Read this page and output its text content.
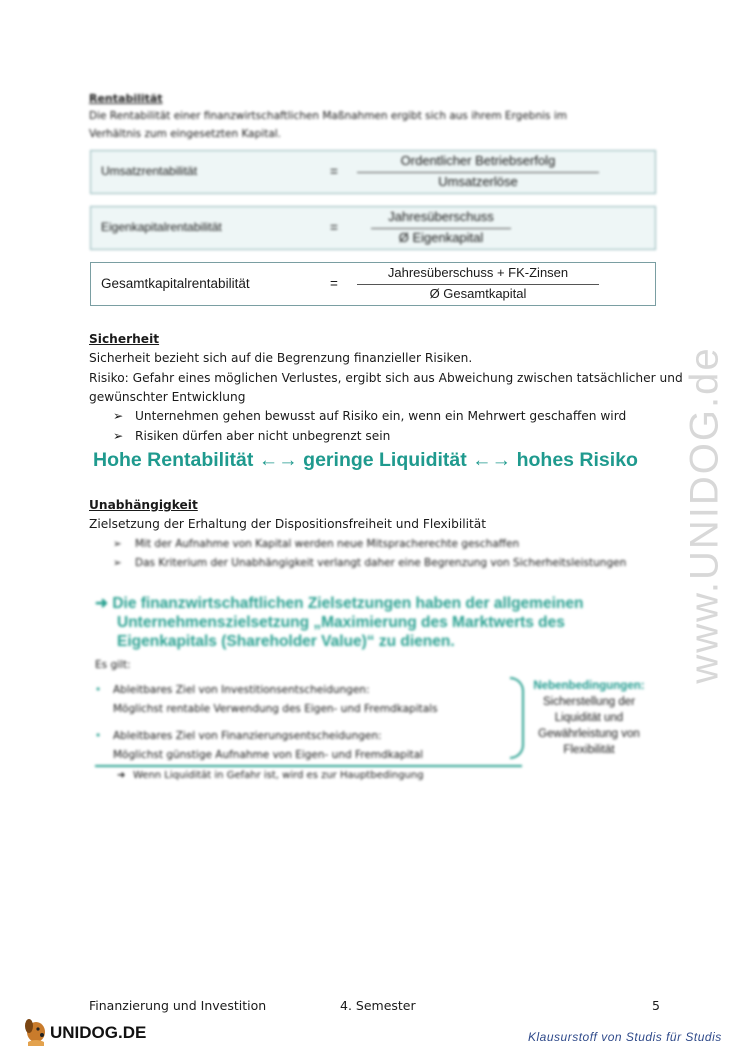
www.UNIDOG.de
Rentabilität
Die Rentabilität einer finanzwirtschaftlichen Maßnahmen ergibt sich aus ihrem Ergebnis im
Verhältnis zum eingesetzten Kapital.
Umsatzrentabilität	=
Ordentlicher Betriebserfolg
Umsatzerlöse
Eigenkapitalrentabilität	=
Jahresüberschuss
Ø Eigenkapital
Gesamtkapitalrentabilität	=
Jahresüberschuss + FK-Zinsen
Ø Gesamtkapital
Sicherheit
Sicherheit bezieht sich auf die Begrenzung finanzieller Risiken.
Risiko: Gefahr eines möglichen Verlustes, ergibt sich aus Abweichung zwischen tatsächlicher und
gewünschter Entwicklung
➢ Unternehmen gehen bewusst auf Risiko ein, wenn ein Mehrwert geschaffen wird
➢ Risiken dürfen aber nicht unbegrenzt sein
Hohe Rentabilität ←→ geringe Liquidität ←→ hohes Risiko
Unabhängigkeit
Zielsetzung der Erhaltung der Dispositionsfreiheit und Flexibilität
➢ Mit der Aufnahme von Kapital werden neue Mitspracherechte geschaffen
➢ Das Kriterium der Unabhängigkeit verlangt daher eine Begrenzung von Sicherheitsleistungen
➜ Die finanzwirtschaftlichen Zielsetzungen haben der allgemeinen
Unternehmenszielsetzung „Maximierung des Marktwerts des
Eigenkapitals (Shareholder Value)“ zu dienen.
Es gilt:
• Ableitbares Ziel von Investitionsentscheidungen:
Möglichst rentable Verwendung des Eigen- und Fremdkapitals
• Ableitbares Ziel von Finanzierungsentscheidungen:
Möglichst günstige Aufnahme von Eigen- und Fremdkapital
Nebenbedingungen:
Sicherstellung der
Liquidität und
Gewährleistung von
Flexibilität
➜ Wenn Liquidität in Gefahr ist, wird es zur Hauptbedingung
Finanzierung und Investition	4. Semester	5
UNIDOG.DE	Klausurstoff von Studis für Studis
